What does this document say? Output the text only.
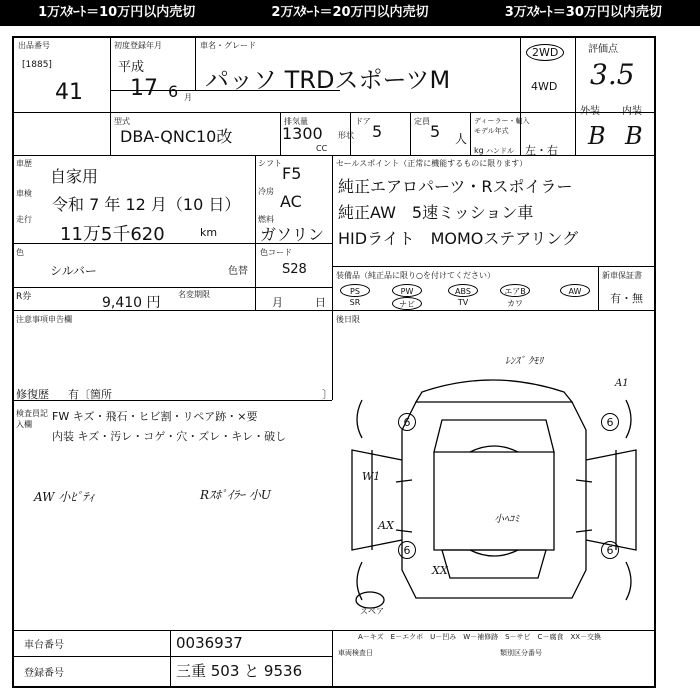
1万ｽﾀｰﾄ＝10万円以内売切	2万ｽﾀｰﾄ＝20万円以内売切	3万ｽﾀｰﾄ＝30万円以内売切
出品番号
[1885]
41
初度登録年月
平成
17 6 月
車名・グレード
パッソ TRDスポーツM
2WD
4WD
評価点
3.5
型式
DBA-QNC10改
排気量
1300
CC
ドア
形状 5
定員
5 人
ディーラー・輸入
モデル年式
kg ハンドル 左・右
外装 内装
B B
車歴
自家用
車検
令和 7 年 12 月（10 日）
走行
11万5千620	km
シフト
F5
冷房
AC
燃料
ガソリン
色
シルバー	色替
色コード
S28
R券	9,410 円
名変期限
月	日
セールスポイント（正常に機能するものに限ります）
純正エアロパーツ・Rスポイラー
純正AW　5速ミッション車
HIDライト　MOMOステアリング
装備品（純正品に限り○を付けてください）
PS	PW	ABS	エアB	AW
SR	ナビ	TV	カワ
新車保証書
有・無
注意事項申告欄
修復歴 有〔箇所	〕
検査員記入欄
FW キズ・飛石・ヒビ割・リペア跡・×要
内装 キズ・汚レ・コゲ・穴・ズレ・キレ・破し
AW 小ﾋﾟﾃｨ	Rｽﾎﾟｲﾗｰ 小U
後日限
6	6
6	6
ﾚﾝｽﾞ ｸﾓﾘ
A1
W1
AX	小ﾍｺﾐ
XX
スペア
A－キズ　E－エクボ　U－凹み　W－補修跡　S－サビ　C－腐食　XX－交換
車台番号	0036937
登録番号	三重 503 と 9536
車両検査日	類別区分番号
